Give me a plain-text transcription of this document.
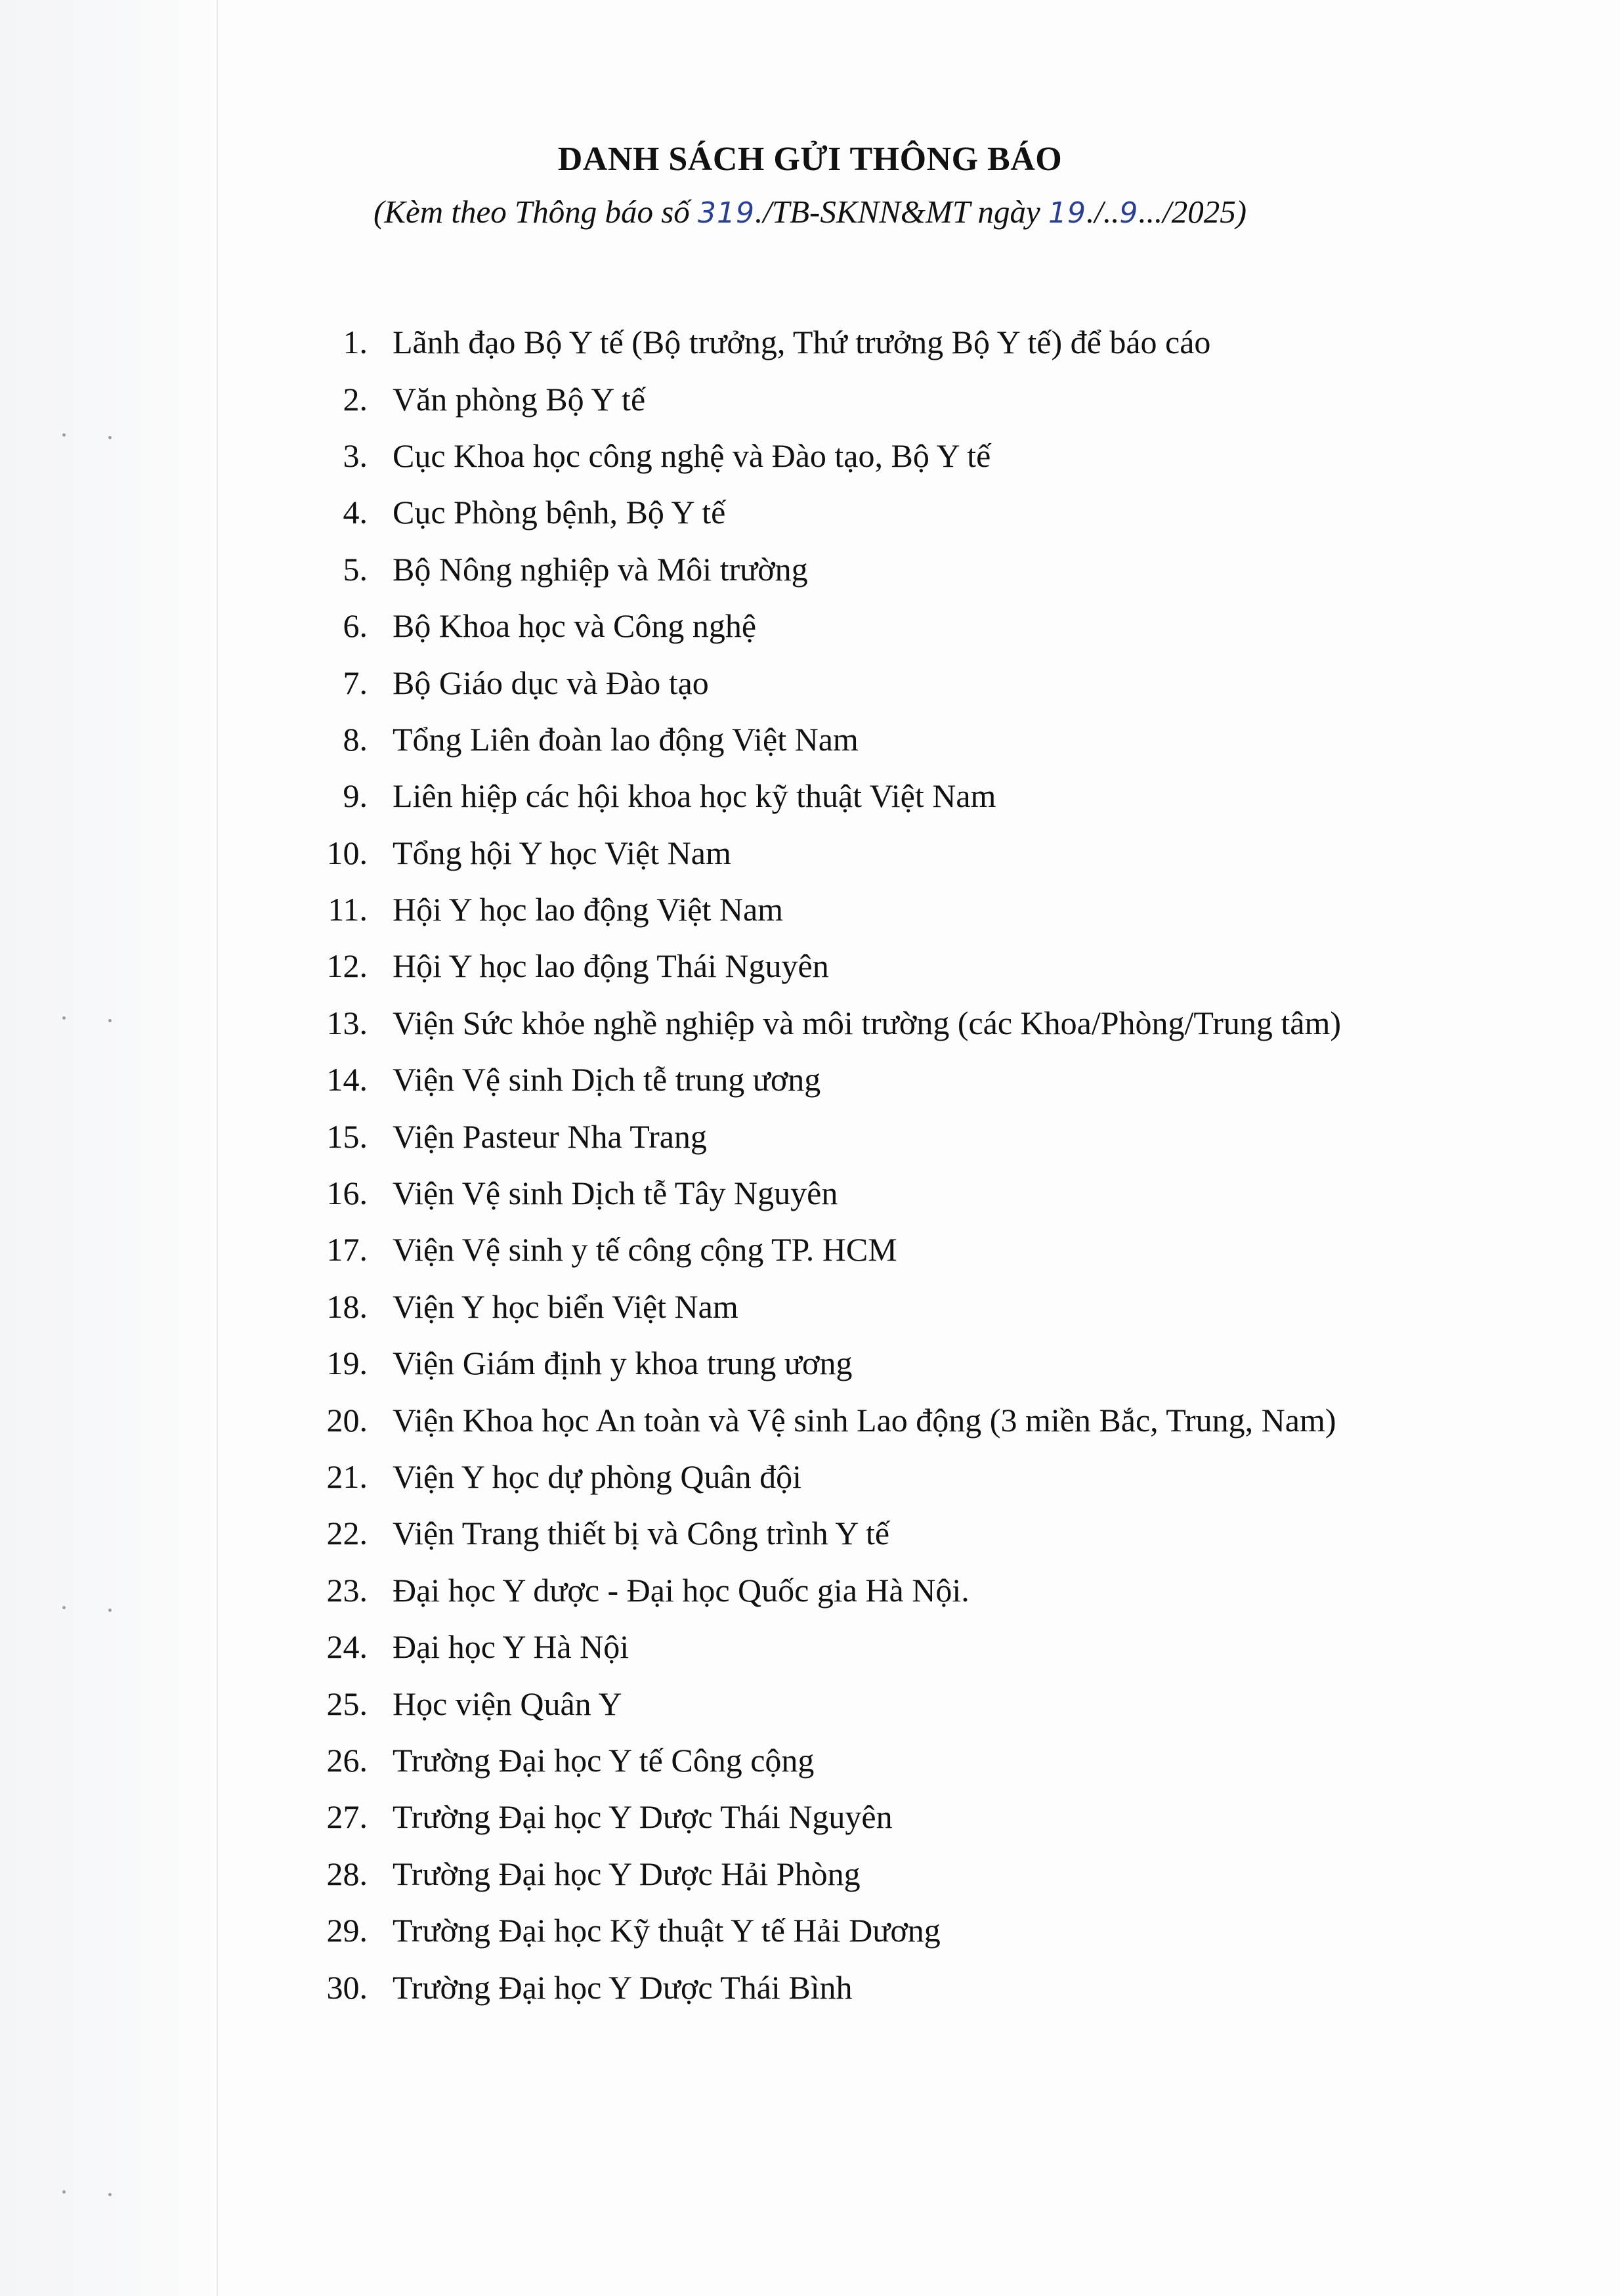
DANH SÁCH GỬI THÔNG BÁO
(Kèm theo Thông báo số 319./TB-SKNN&MT ngày 19./..9.../2025)
1. Lãnh đạo Bộ Y tế (Bộ trưởng, Thứ trưởng Bộ Y tế) để báo cáo
2. Văn phòng Bộ Y tế
3. Cục Khoa học công nghệ và Đào tạo, Bộ Y tế
4. Cục Phòng bệnh, Bộ Y tế
5. Bộ Nông nghiệp và Môi trường
6. Bộ Khoa học và Công nghệ
7. Bộ Giáo dục và Đào tạo
8. Tổng Liên đoàn lao động Việt Nam
9. Liên hiệp các hội khoa học kỹ thuật Việt Nam
10. Tổng hội Y học Việt Nam
11. Hội Y học lao động Việt Nam
12. Hội Y học lao động Thái Nguyên
13. Viện Sức khỏe nghề nghiệp và môi trường (các Khoa/Phòng/Trung tâm)
14. Viện Vệ sinh Dịch tễ trung ương
15. Viện Pasteur Nha Trang
16. Viện Vệ sinh Dịch tễ Tây Nguyên
17. Viện Vệ sinh y tế công cộng TP. HCM
18. Viện Y học biển Việt Nam
19. Viện Giám định y khoa trung ương
20. Viện Khoa học An toàn và Vệ sinh Lao động (3 miền Bắc, Trung, Nam)
21. Viện Y học dự phòng Quân đội
22. Viện Trang thiết bị và Công trình Y tế
23. Đại học Y dược - Đại học Quốc gia Hà Nội.
24. Đại học Y Hà Nội
25. Học viện Quân Y
26. Trường Đại học Y tế Công cộng
27. Trường Đại học Y Dược Thái Nguyên
28. Trường Đại học Y Dược Hải Phòng
29. Trường Đại học Kỹ thuật Y tế Hải Dương
30. Trường Đại học Y Dược Thái Bình
